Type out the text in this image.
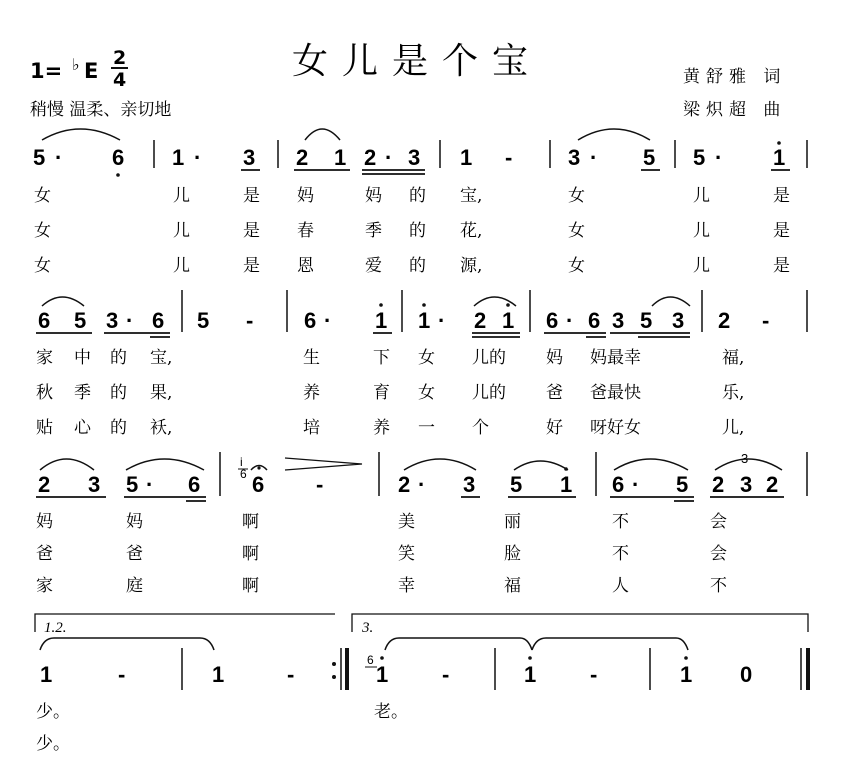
1= ♭ E
2
4	女儿是个宝
稍慢 温柔、亲切地
黄舒雅 词
梁炽超 曲
5 · 6 1 · 3 2 1 2 · 3 1 -	3 · 5 5 · 1
女	儿	是 妈	妈 的 宝,	女	儿	是
女	儿	是 春	季 的 花,	女	儿	是
女	儿	是 恩	爱 的 源,	女	儿	是
6 5 3 · 6 5 - 6 · 1 1 · 2 1 6 · 6 3 5 3 2 -
家 中 的 宝,	生	下 女 儿的 妈 妈最幸	福,
秋 季 的 果,	养	育 女 儿的 爸 爸最快	乐,
贴 心 的 袄,	培	养 一 个	好 呀好女	儿,
3
2 3 5 · 6
i
6 6 -	2 · 3 5 1 6 · 5 2 3 2
妈	妈	啊	美	丽	不	会
爸	爸	啊	笑	脸	不	会
家	庭	啊	幸	福	人	不
1.2.	3.
1	-	1	-
6
1 -	1 -	1 0
少。	老。
少。
